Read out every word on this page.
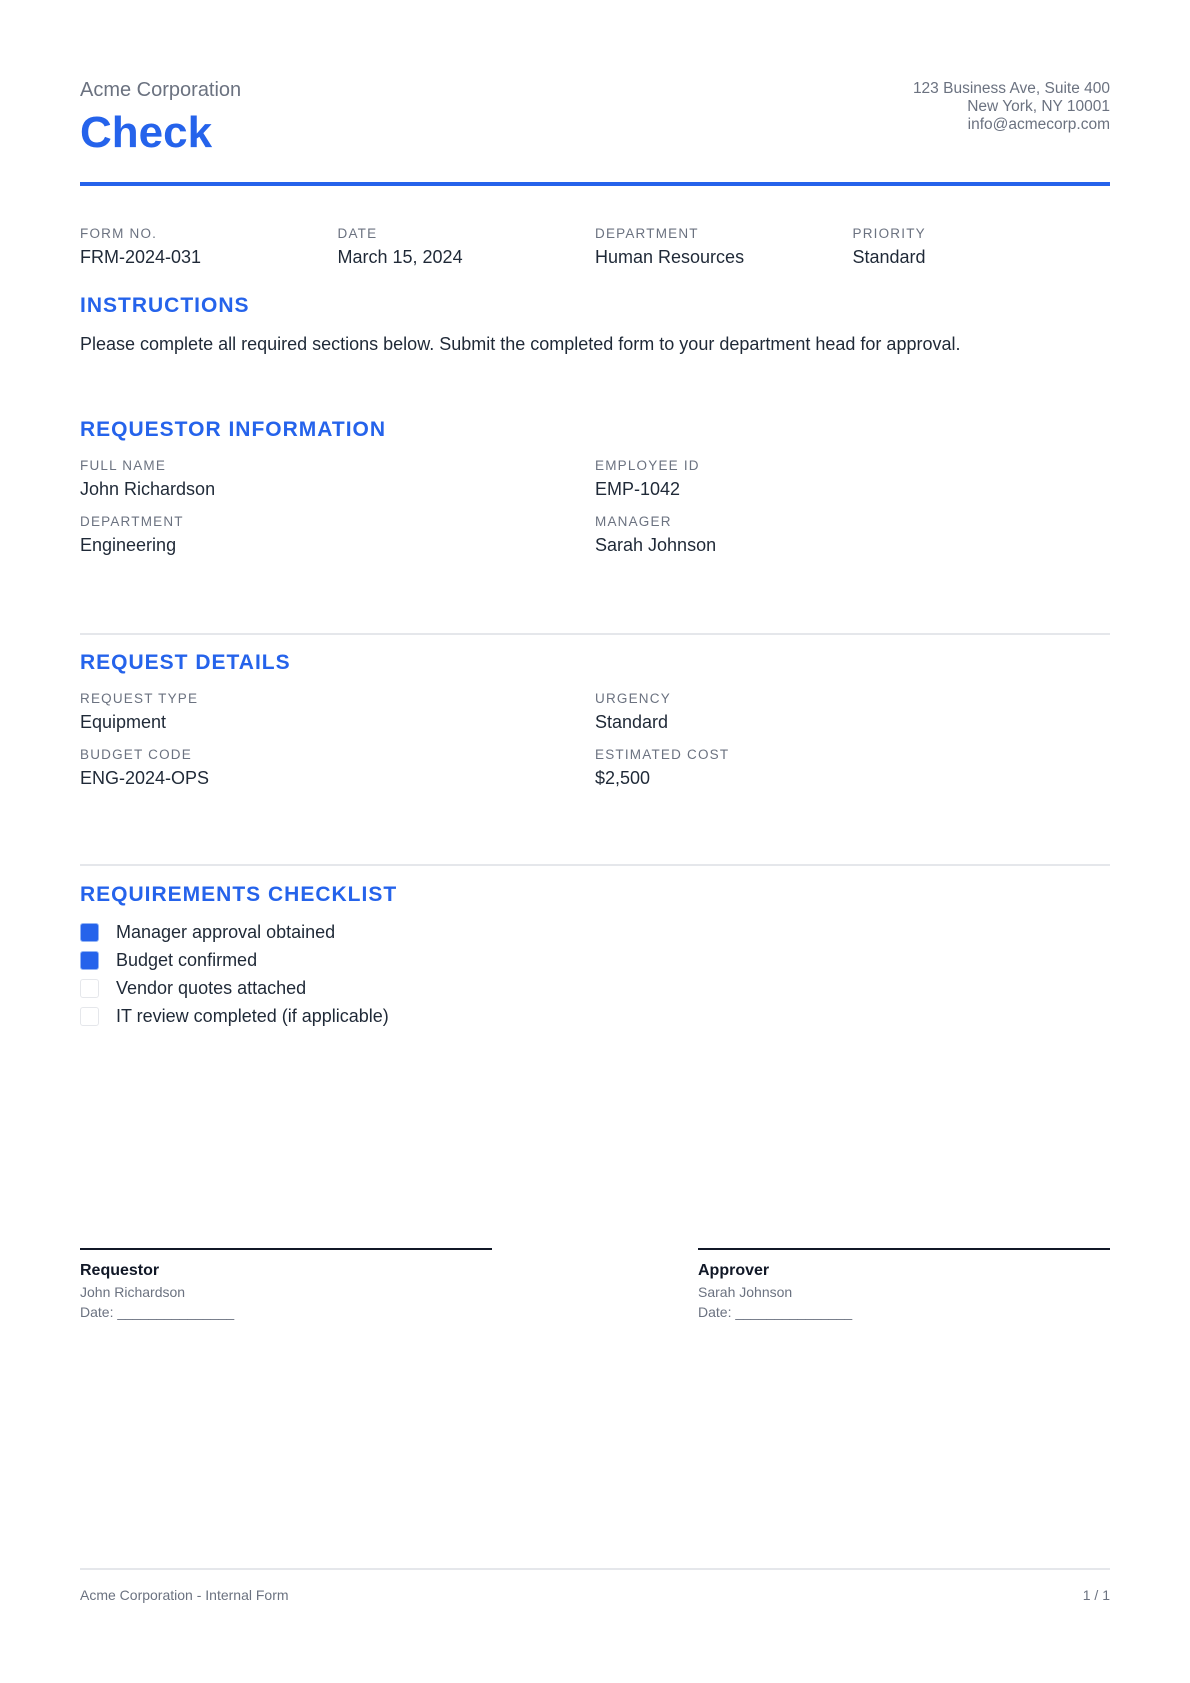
Acme Corporation
Check
123 Business Ave, Suite 400
New York, NY 10001
info@acmecorp.com
FORM NO.
FRM-2024-031
DATE
March 15, 2024
DEPARTMENT
Human Resources
PRIORITY
Standard
INSTRUCTIONS
Please complete all required sections below. Submit the completed form to your department head for approval.
REQUESTOR INFORMATION
FULL NAME
John Richardson
EMPLOYEE ID
EMP-1042
DEPARTMENT
Engineering
MANAGER
Sarah Johnson
REQUEST DETAILS
REQUEST TYPE
Equipment
URGENCY
Standard
BUDGET CODE
ENG-2024-OPS
ESTIMATED COST
$2,500
REQUIREMENTS CHECKLIST
Manager approval obtained
Budget confirmed
Vendor quotes attached
IT review completed (if applicable)
Requestor
John Richardson
Date: _______________
Approver
Sarah Johnson
Date: _______________
Acme Corporation - Internal Form	1 / 1
